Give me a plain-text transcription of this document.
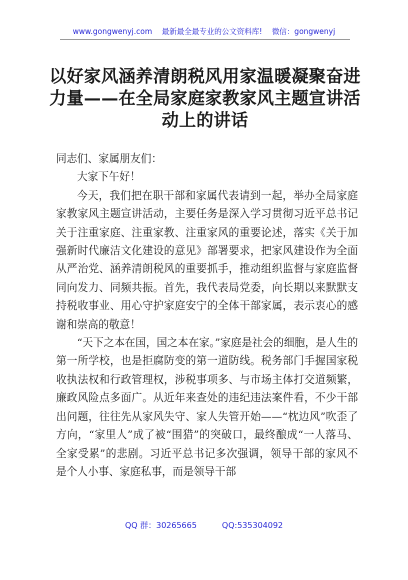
www.gongwenyj.com 最新最全最专业的公文资料库! 微信：gongwenyj
以好家风涵养清朗税风用家温暖凝聚奋进力量——在全局家庭家教家风主题宣讲活动上的讲话

同志们、家属朋友们：

大家下午好！

今天，我们把在职干部和家属代表请到一起，举办全局家庭家教家风主题宣讲活动，主要任务是深入学习贯彻习近平总书记关于注重家庭、注重家教、注重家风的重要论述，落实《关于加强新时代廉洁文化建设的意见》部署要求，把家风建设作为全面从严治党、涵养清朗税风的重要抓手，推动组织监督与家庭监督同向发力、同频共振。首先，我代表局党委，向长期以来默默支持税收事业、用心守护家庭安宁的全体干部家属，表示衷心的感谢和崇高的敬意！

“天下之本在国，国之本在家。”家庭是社会的细胞，是人生的第一所学校，也是拒腐防变的第一道防线。税务部门手握国家税收执法权和行政管理权，涉税事项多、与市场主体打交道频繁，廉政风险点多面广。从近年来查处的违纪违法案件看，不少干部出问题，往往先从家风失守、家人失管开始——“枕边风”吹歪了方向，“家里人”成了被“围猎”的突破口，最终酿成“一人落马、全家受累”的悲剧。习近平总书记多次强调，领导干部的家风不是个人小事、家庭私事，而是领导干部

QQ 群：30265665	QQ:535304092
